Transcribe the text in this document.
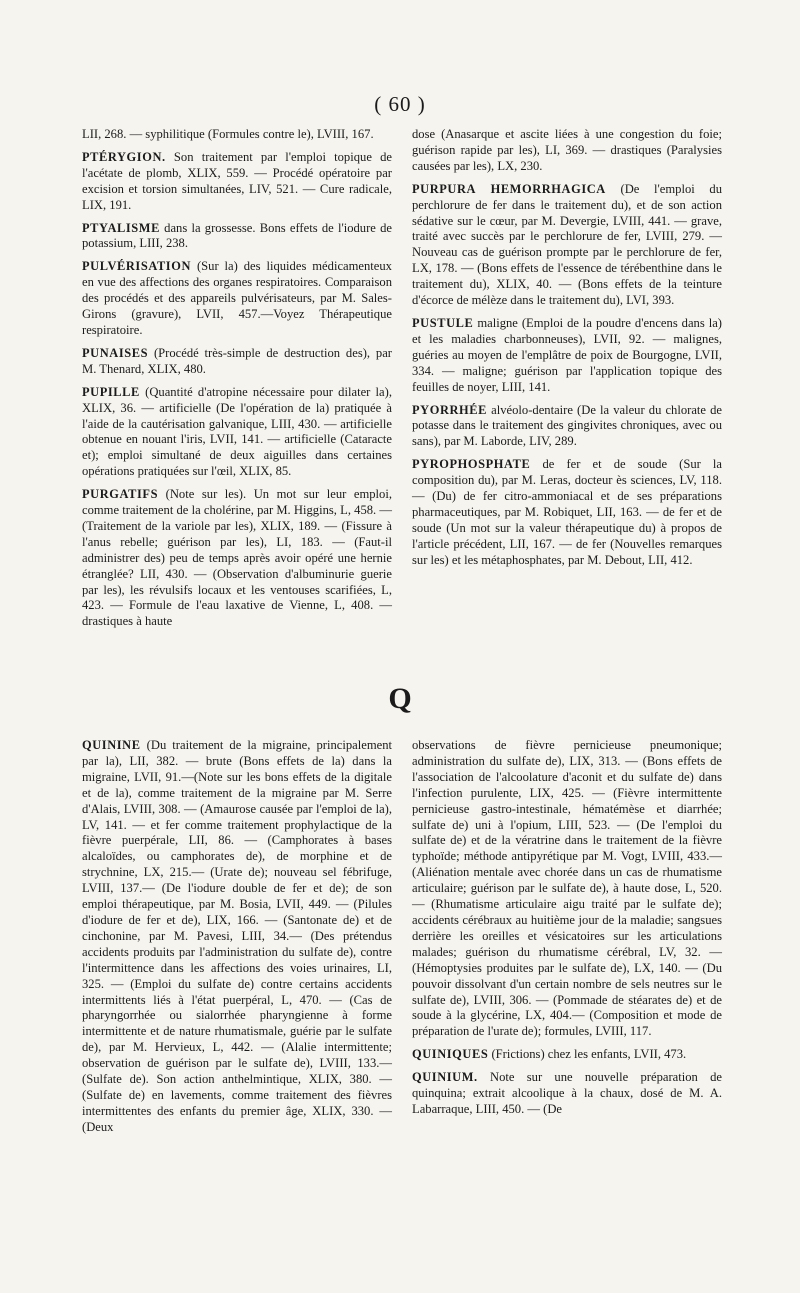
( 60 )

LII, 268. — syphilitique (Formules contre le), LVIII, 167.

PTÉRYGION. Son traitement par l'emploi topique de l'acétate de plomb, XLIX, 559. — Procédé opératoire par excision et torsion simultanées, LIV, 521. — Cure radicale, LIX, 191.

PTYALISME dans la grossesse. Bons effets de l'iodure de potassium, LIII, 238.

PULVÉRISATION (Sur la) des liquides médicamenteux en vue des affections des organes respiratoires. Comparaison des procédés et des appareils pulvérisateurs, par M. Sales-Girons (gravure), LVII, 457.—Voyez Thérapeutique respiratoire.

PUNAISES (Procédé très-simple de destruction des), par M. Thenard, XLIX, 480.

PUPILLE (Quantité d'atropine nécessaire pour dilater la), XLIX, 36. — artificielle (De l'opération de la) pratiquée à l'aide de la cautérisation galvanique, LIII, 430. — artificielle obtenue en nouant l'iris, LVII, 141. — artificielle (Cataracte et); emploi simultané de deux aiguilles dans certaines opérations pratiquées sur l'œil, XLIX, 85.

PURGATIFS (Note sur les). Un mot sur leur emploi, comme traitement de la cholérine, par M. Higgins, L, 458. — (Traitement de la variole par les), XLIX, 189. — (Fissure à l'anus rebelle; guérison par les), LI, 183. — (Faut-il administrer des) peu de temps après avoir opéré une hernie étranglée? LII, 430. — (Observation d'albuminurie guerie par les), les révulsifs locaux et les ventouses scarifiées, L, 423. — Formule de l'eau laxative de Vienne, L, 408. — drastiques à haute

dose (Anasarque et ascite liées à une congestion du foie; guérison rapide par les), LI, 369. — drastiques (Paralysies causées par les), LX, 230.

PURPURA HEMORRHAGICA (De l'emploi du perchlorure de fer dans le traitement du), et de son action sédative sur le cœur, par M. Devergie, LVIII, 441. — grave, traité avec succès par le perchlorure de fer, LVIII, 279. — Nouveau cas de guérison prompte par le perchlorure de fer, LX, 178. — (Bons effets de l'essence de térébenthine dans le traitement du), XLIX, 40. — (Bons effets de la teinture d'écorce de mélèze dans le traitement du), LVI, 393.

PUSTULE maligne (Emploi de la poudre d'encens dans la) et les maladies charbonneuses), LVII, 92. — malignes, guéries au moyen de l'emplâtre de poix de Bourgogne, LVII, 334. — maligne; guérison par l'application topique des feuilles de noyer, LIII, 141.

PYORRHÉE alvéolo-dentaire (De la valeur du chlorate de potasse dans le traitement des gingivites chroniques, avec ou sans), par M. Laborde, LIV, 289.

PYROPHOSPHATE de fer et de soude (Sur la composition du), par M. Leras, docteur ès sciences, LV, 118.— (Du) de fer citro-ammoniacal et de ses préparations pharmaceutiques, par M. Robiquet, LII, 163. — de fer et de soude (Un mot sur la valeur thérapeutique du) à propos de l'article précédent, LII, 167. — de fer (Nouvelles remarques sur les) et les métaphosphates, par M. Debout, LII, 412.

Q

QUININE (Du traitement de la migraine, principalement par la), LII, 382. — brute (Bons effets de la) dans la migraine, LVII, 91.—(Note sur les bons effets de la digitale et de la), comme traitement de la migraine par M. Serre d'Alais, LVIII, 308. — (Amaurose causée par l'emploi de la), LV, 141. — et fer comme traitement prophylactique de la fièvre puerpérale, LII, 86. — (Camphorates à bases alcaloïdes, ou camphorates de), de morphine et de strychnine, LX, 215.— (Urate de); nouveau sel fébrifuge, LVIII, 137.— (De l'iodure double de fer et de); de son emploi thérapeutique, par M. Bosia, LVII, 449. — (Pilules d'iodure de fer et de), LIX, 166. — (Santonate de) et de cinchonine, par M. Pavesi, LIII, 34.— (Des prétendus accidents produits par l'administration du sulfate de), contre l'intermittence dans les affections des voies urinaires, LI, 325. — (Emploi du sulfate de) contre certains accidents intermittents liés à l'état puerpéral, L, 470. — (Cas de pharyngorrhée ou sialorrhée pharyngienne à forme intermittente et de nature rhumatismale, guérie par le sulfate de), par M. Hervieux, L, 442. — (Alalie intermittente; observation de guérison par le sulfate de), LVIII, 133.—(Sulfate de). Son action anthelmintique, XLIX, 380. — (Sulfate de) en lavements, comme traitement des fièvres intermittentes des enfants du premier âge, XLIX, 330. — (Deux

observations de fièvre pernicieuse pneumonique; administration du sulfate de), LIX, 313. — (Bons effets de l'association de l'alcoolature d'aconit et du sulfate de) dans l'infection purulente, LIX, 425. — (Fièvre intermittente pernicieuse gastro-intestinale, hématémèse et diarrhée; sulfate de) uni à l'opium, LIII, 523. — (De l'emploi du sulfate de) et de la vératrine dans le traitement de la fièvre typhoïde; méthode antipyrétique par M. Vogt, LVIII, 433.— (Aliénation mentale avec chorée dans un cas de rhumatisme articulaire; guérison par le sulfate de), à haute dose, L, 520. — (Rhumatisme articulaire aigu traité par le sulfate de); accidents cérébraux au huitième jour de la maladie; sangsues derrière les oreilles et vésicatoires sur les articulations malades; guérison du rhumatisme cérébral, LV, 32. — (Hémoptysies produites par le sulfate de), LX, 140. — (Du pouvoir dissolvant d'un certain nombre de sels neutres sur le sulfate de), LVIII, 306. — (Pommade de stéarates de) et de soude à la glycérine, LX, 404.— (Composition et mode de préparation de l'urate de); formules, LVIII, 117.

QUINIQUES (Frictions) chez les enfants, LVII, 473.

QUINIUM. Note sur une nouvelle préparation de quinquina; extrait alcoolique à la chaux, dosé de M. A. Labarraque, LIII, 450. — (De
